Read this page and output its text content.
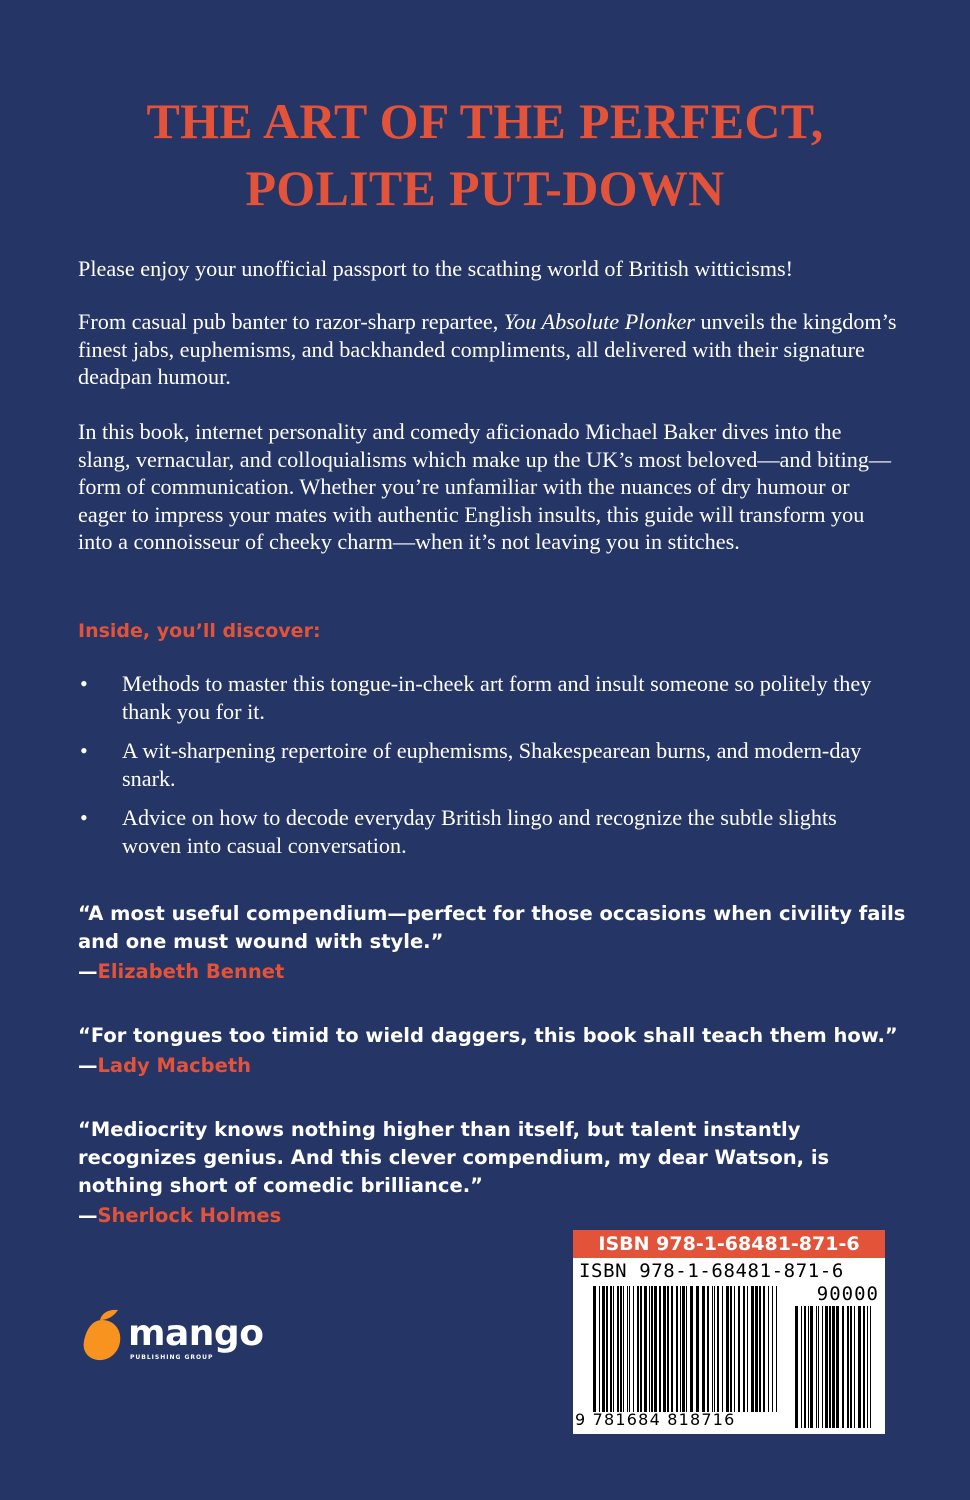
THE ART OF THE PERFECT,
POLITE PUT-DOWN

Please enjoy your unofficial passport to the scathing world of British witticisms!

From casual pub banter to razor-sharp repartee, You Absolute Plonker unveils the kingdom’s finest jabs, euphemisms, and backhanded compliments, all delivered with their signature deadpan humour.

In this book, internet personality and comedy aficionado Michael Baker dives into the slang, vernacular, and colloquialisms which make up the UK’s most beloved—and biting—form of communication. Whether you’re unfamiliar with the nuances of dry humour or eager to impress your mates with authentic English insults, this guide will transform you into a connoisseur of cheeky charm—when it’s not leaving you in stitches.

Inside, you’ll discover:
• Methods to master this tongue-in-cheek art form and insult someone so politely they thank you for it.
• A wit-sharpening repertoire of euphemisms, Shakespearean burns, and modern-day snark.
• Advice on how to decode everyday British lingo and recognize the subtle slights woven into casual conversation.

“A most useful compendium—perfect for those occasions when civility fails and one must wound with style.”

—Elizabeth Bennet

“For tongues too timid to wield daggers, this book shall teach them how.”

—Lady Macbeth

“Mediocrity knows nothing higher than itself, but talent instantly recognizes genius. And this clever compendium, my dear Watson, is nothing short of comedic brilliance.”

—Sherlock Holmes

mango
PUBLISHING GROUP
ISBN 978-1-68481-871-6
ISBN 978-1-68481-871-6
90000
9 781684 818716
